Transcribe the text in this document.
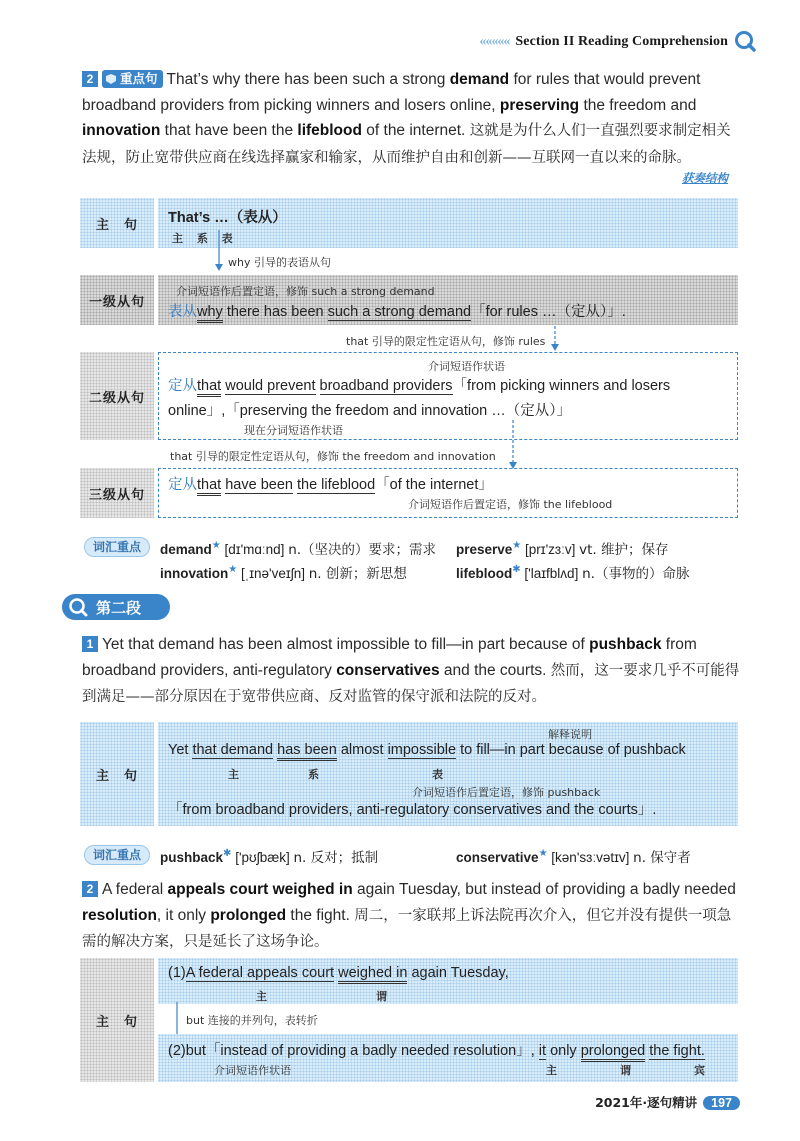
««««« Section II Reading Comprehension
2 重点句 That’s why there has been such a strong demand for rules that would prevent broadband providers from picking winners and losers online, preserving the freedom and innovation that have been the lifeblood of the internet. 这就是为什么人们一直强烈要求制定相关法规，防止宽带供应商在线选择赢家和输家，从而维护自由和创新——互联网一直以来的命脉。
获奏结构
主　句	That’s …（表从）
主 系 表
why 引导的表语从句
一级从句
介词短语作后置定语，修饰 such a strong demand
表从why there has been such a strong demand「for rules …（定从）」.
that 引导的限定性定语从句，修饰 rules
二级从句
介词短语作状语
定从that would prevent broadband providers「from picking winners and losers
online」,「preserving the freedom and innovation …（定从）」
现在分词短语作状语
that 引导的限定性定语从句，修饰 the freedom and innovation
三级从句
定从that have been the lifeblood「of the internet」
介词短语作后置定语，修饰 the lifeblood
词汇重点	demand★ [dɪ'mɑːnd] n.（坚决的）要求；需求 preserve★ [prɪ'zɜːv] vt. 维护；保存
innovation★ [ˌɪnə'veɪʃn] n. 创新；新思想	lifeblood✱ ['laɪfblʌd] n.（事物的）命脉
第二段
1 Yet that demand has been almost impossible to fill—in part because of pushback from broadband providers, anti-regulatory conservatives and the courts. 然而，这一要求几乎不可能得到满足——部分原因在于宽带供应商、反对监管的保守派和法院的反对。
主　句
解释说明
Yet that demand has been almost impossible to fill—in part because of pushback
主	系	表
介词短语作后置定语，修饰 pushback
「from broadband providers, anti-regulatory conservatives and the courts」.
词汇重点	pushback✱ ['pʊʃbæk] n. 反对；抵制	conservative★ [kən'sɜːvətɪv] n. 保守者
2 A federal appeals court weighed in again Tuesday, but instead of providing a badly needed resolution, it only prolonged the fight. 周二，一家联邦上诉法院再次介入，但它并没有提供一项急需的解决方案，只是延长了这场争论。
主　句
(1)A federal appeals court weighed in again Tuesday,
主	谓
but 连接的并列句，表转折
(2)but「instead of providing a badly needed resolution」, it only prolonged the fight.
介词短语作状语	主	谓	宾
2021年·逐句精讲 197
